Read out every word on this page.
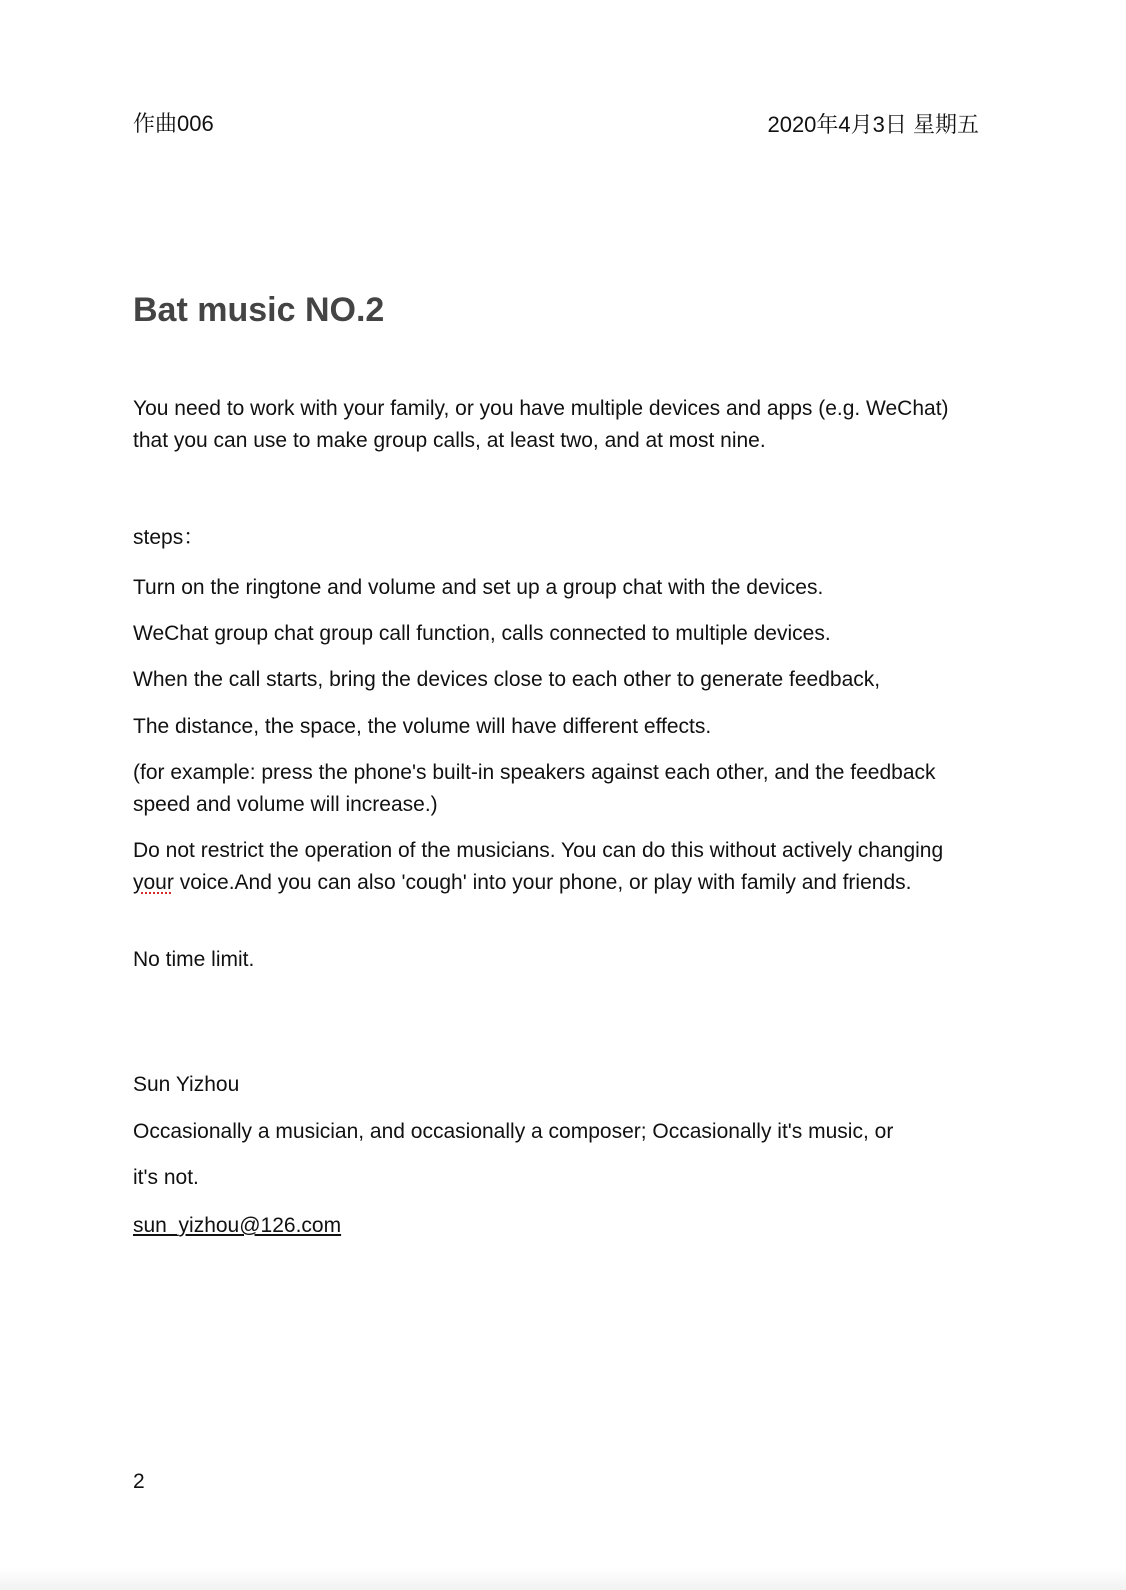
作曲006	2020年4月3日 星期五
Bat music NO.2

You need to work with your family, or you have multiple devices and apps (e.g. WeChat) that you can use to make group calls, at least two, and at most nine.

steps：

Turn on the ringtone and volume and set up a group chat with the devices.

WeChat group chat group call function, calls connected to multiple devices.

When the call starts, bring the devices close to each other to generate feedback,

The distance, the space, the volume will have different effects.

(for example: press the phone's built-in speakers against each other, and the feedback speed and volume will increase.)

Do not restrict the operation of the musicians. You can do this without actively changing your voice.And you can also 'cough' into your phone, or play with family and friends.

No time limit.

Sun Yizhou

Occasionally a musician, and occasionally a composer; Occasionally it's music, or

it's not.

sun_yizhou@126.com

2
